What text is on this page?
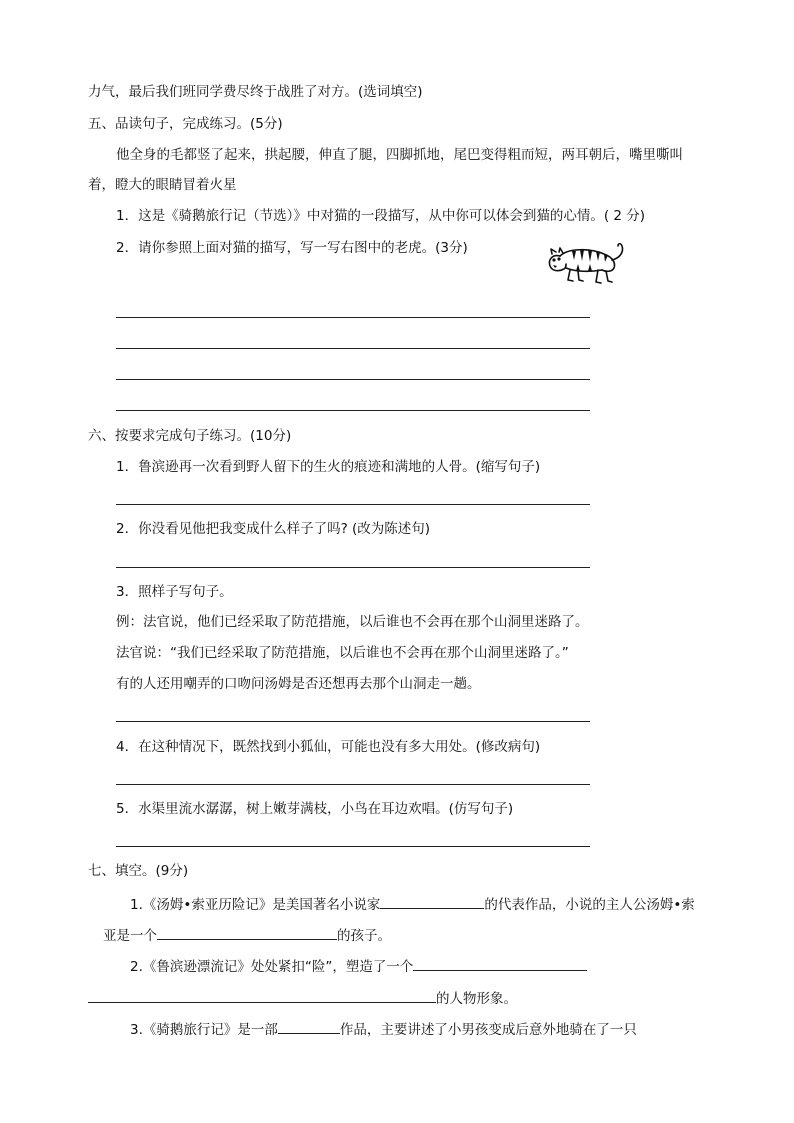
力气，最后我们班同学费尽终于战胜了对方。(选词填空)
五、品读句子，完成练习。(5分)
他全身的毛都竖了起来，拱起腰，伸直了腿，四脚抓地，尾巴变得粗而短，两耳朝后，嘴里嘶叫
着，瞪大的眼睛冒着火星
1．这是《骑鹅旅行记（节选）》中对猫的一段描写，从中你可以体会到猫的心情。( 2 分)
2．请你参照上面对猫的描写，写一写右图中的老虎。(3分)
六、按要求完成句子练习。(10分)
1．鲁滨逊再一次看到野人留下的生火的痕迹和满地的人骨。(缩写句子)
2．你没看见他把我变成什么样子了吗? (改为陈述句)
3．照样子写句子。
例：法官说，他们已经采取了防范措施，以后谁也不会再在那个山洞里迷路了。
法官说：“我们已经采取了防范措施，以后谁也不会再在那个山洞里迷路了。”
有的人还用嘲弄的口吻问汤姆是否还想再去那个山洞走一趟。
4．在这种情况下，既然找到小狐仙，可能也没有多大用处。(修改病句)
5．水渠里流水潺潺，树上嫩芽满枝，小鸟在耳边欢唱。(仿写句子)
七、填空。(9分)
1.《汤姆•索亚历险记》是美国著名小说家	的代表作品，小说的主人公汤姆•索
亚是一个	的孩子。
2.《鲁滨逊漂流记》处处紧扣“险”，塑造了一个
的人物形象。
3.《骑鹅旅行记》是一部	作品，主要讲述了小男孩变成后意外地骑在了一只
